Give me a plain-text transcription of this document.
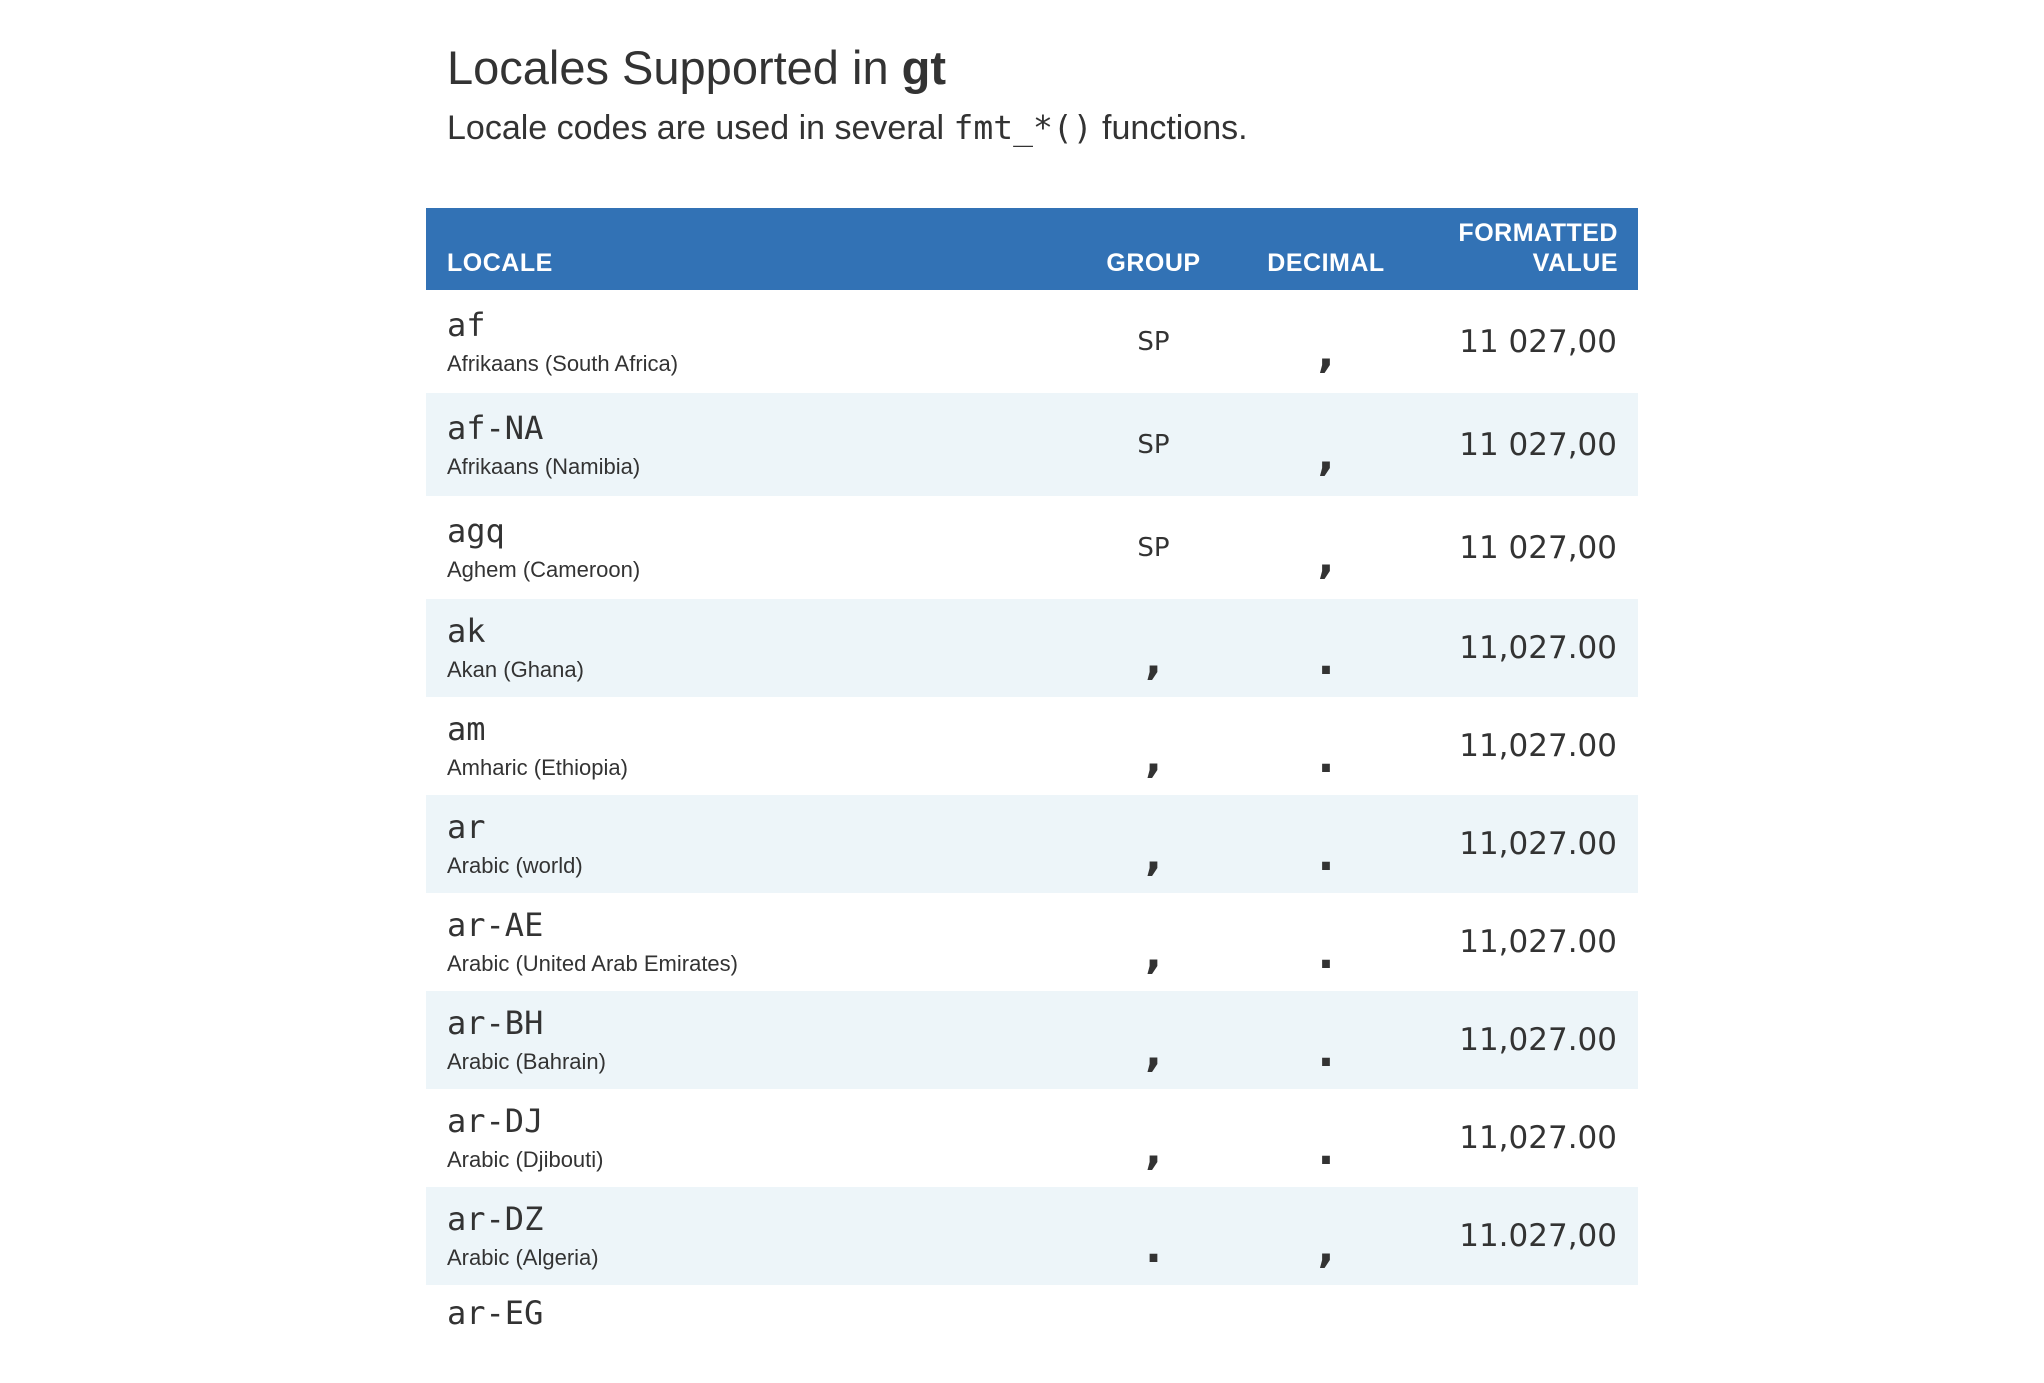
Locales Supported in gt

Locale codes are used in several fmt_*() functions.

LOCALE	GROUP	DECIMAL	FORMATTED
VALUE

af
Afrikaans (South Africa)	SP	,	11 027,00

af-NA
Afrikaans (Namibia)	SP	,	11 027,00

agq
Aghem (Cameroon)	SP	,	11 027,00

ak
Akan (Ghana)	,	.	11,027.00

am
Amharic (Ethiopia)	,	.	11,027.00

ar
Arabic (world)	,	.	11,027.00

ar-AE
Arabic (United Arab Emirates)	,	.	11,027.00

ar-BH
Arabic (Bahrain)	,	.	11,027.00

ar-DJ
Arabic (Djibouti)	,	.	11,027.00

ar-DZ
Arabic (Algeria)	.	,	11.027,00

ar-EG			
